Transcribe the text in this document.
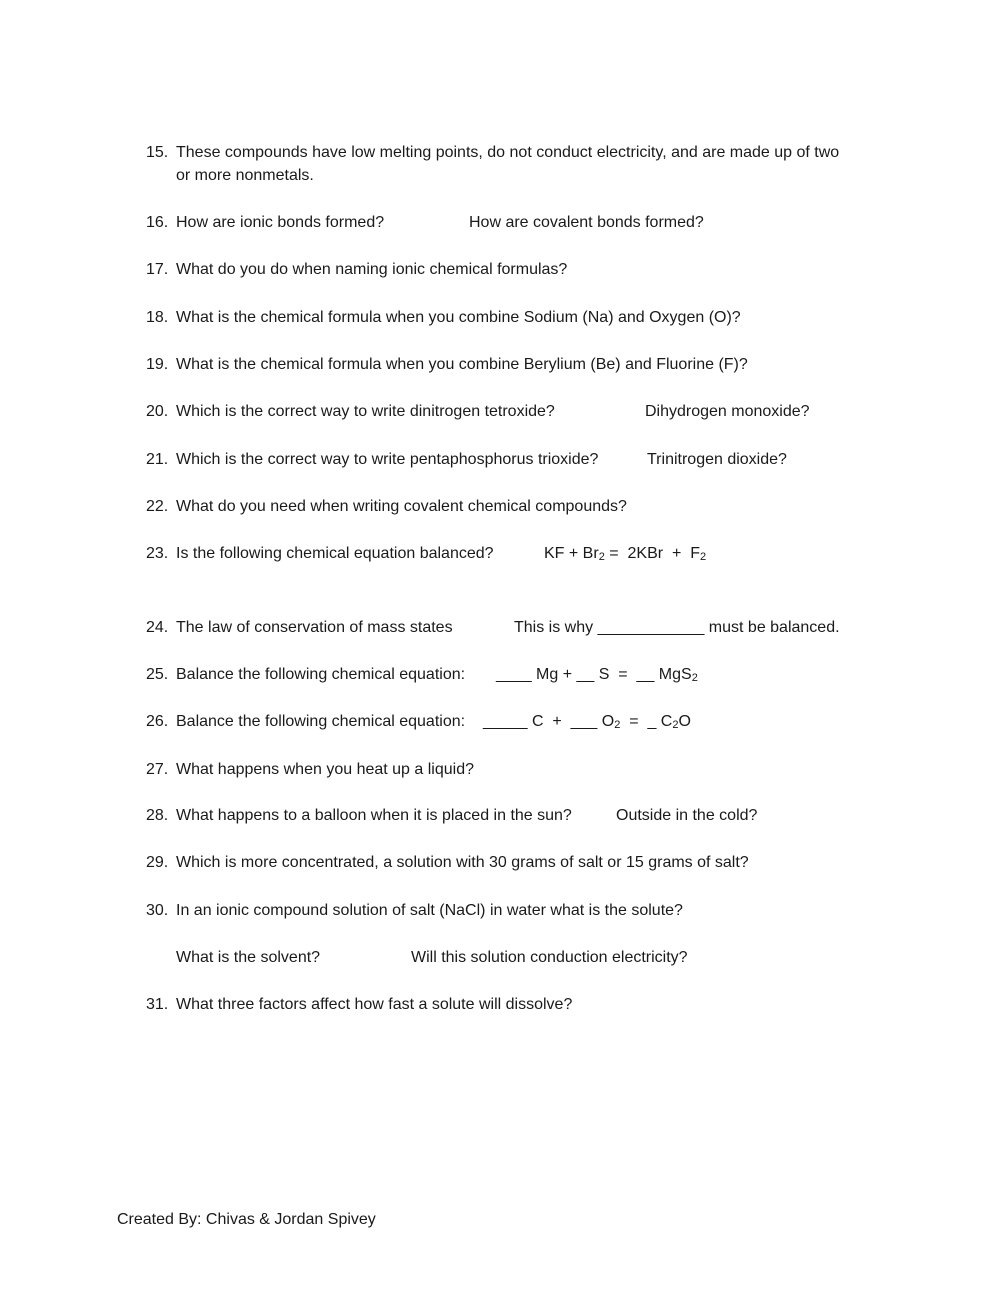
15. These compounds have low melting points, do not conduct electricity, and are made up of two
or more nonmetals.
16. How are ionic bonds formed?	How are covalent bonds formed?
17. What do you do when naming ionic chemical formulas?
18. What is the chemical formula when you combine Sodium (Na) and Oxygen (O)?
19. What is the chemical formula when you combine Berylium (Be) and Fluorine (F)?
20. Which is the correct way to write dinitrogen tetroxide?	Dihydrogen monoxide?
21. Which is the correct way to write pentaphosphorus trioxide?	Trinitrogen dioxide?
22. What do you need when writing covalent chemical compounds?
23. Is the following chemical equation balanced?	KF + $Br_2 = 2KBr + F_2$
24. The law of conservation of mass states	This is why ____________ must be balanced.
25. Balance the following chemical equation: ____ Mg + __ S  =  __ MgS$_2$
26. Balance the following chemical equation: _____ C  +  ___ $O_2$  =  _ $C_2O$
27. What happens when you heat up a liquid?
28. What happens to a balloon when it is placed in the sun?	Outside in the cold?
29. Which is more concentrated, a solution with 30 grams of salt or 15 grams of salt?
30. In an ionic compound solution of salt (NaCl) in water what is the solute?
What is the solvent?	Will this solution conduction electricity?
31. What three factors affect how fast a solute will dissolve?
Created By: Chivas & Jordan Spivey
